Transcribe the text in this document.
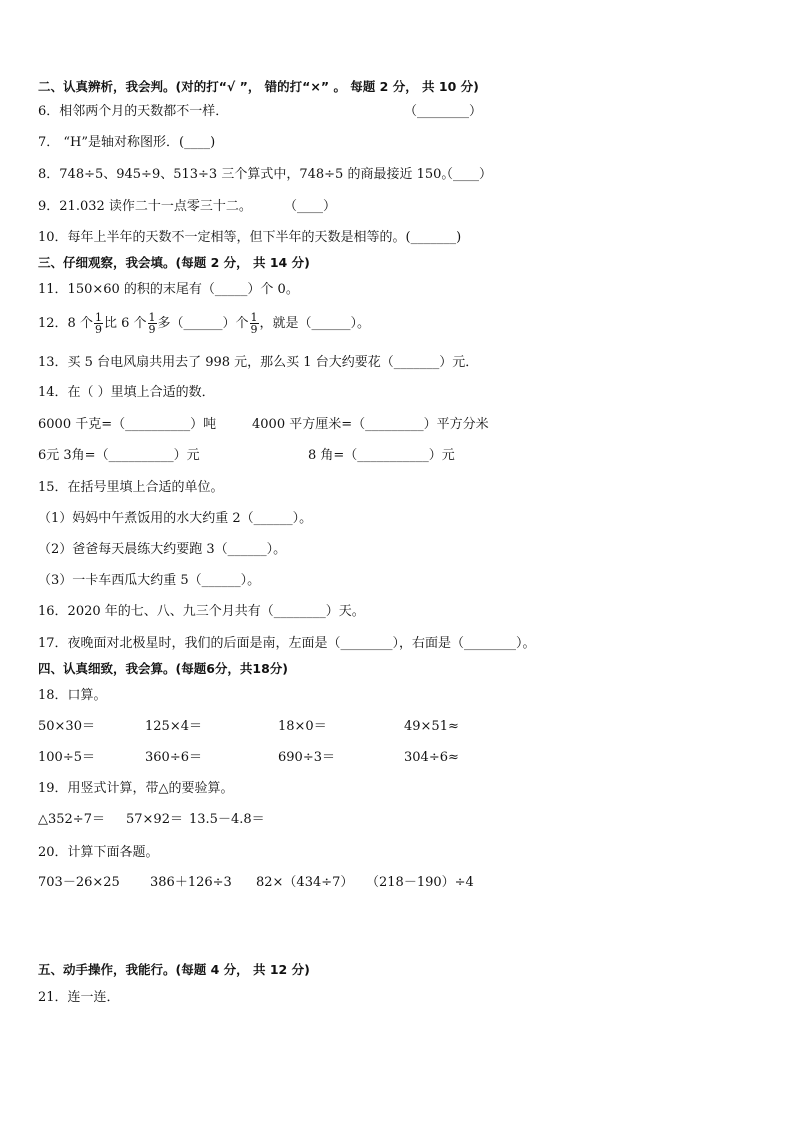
二、认真辨析，我会判。(对的打“√ ”， 错的打“×” 。 每题 2 分， 共 10 分)
6．相邻两个月的天数都不一样．	（________）
7． “H”是轴对称图形．(____)
8．748÷5、945÷9、513÷3 三个算式中，748÷5 的商最接近 150。
（____）
9．21.032 读作二十一点零三十二。 （____）
10．每年上半年的天数不一定相等，但下半年的天数是相等的。(_______)
三、仔细观察，我会填。(每题 2 分， 共 14 分)
11．150×60 的积的末尾有（_____）个 0。
12．8 个 $\frac{1}{9}$ 比 6 个 $\frac{1}{9}$ 多（______）个 $\frac{1}{9}$ ，就是（______）。
13．买 5 台电风扇共用去了 998 元，那么买 1 台大约要花（_______）元．
14．在（ ）里填上合适的数．
6000 千克=（__________）吨	4000 平方厘米=（_________）平方分米
6元 3角=（__________）元	8 角=（___________）元
15．在括号里填上合适的单位。
（1）妈妈中午煮饭用的水大约重 2（______）。
（2）爸爸每天晨练大约要跑 3（______）。
（3）一卡车西瓜大约重 5（______）。
16．2020 年的七、八、九三个月共有（________）天。
17．夜晚面对北极星时，我们的后面是南，左面是（________），右面是（________）。
四、认真细致，我会算。(每题6分，共18分)
18．口算。
50×30＝	125×4＝	18×0＝	49×51≈
100÷5＝	360÷6＝	690÷3＝	304÷6≈
19．用竖式计算，带△的要验算。
△352÷7＝ 57×92＝ 13.5－4.8＝
20．计算下面各题。
703－26×25 386＋126÷3 82×（434÷7） （218－190）÷4
五、动手操作，我能行。(每题 4 分， 共 12 分)
21．连一连．
